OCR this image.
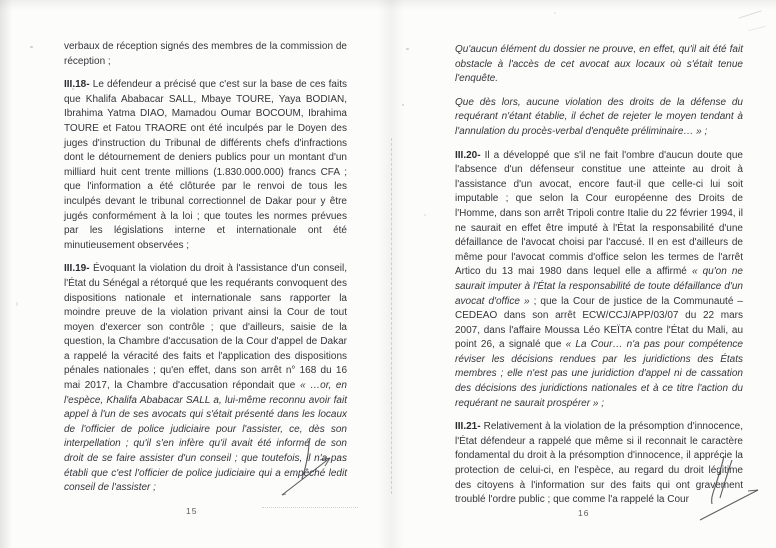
verbaux de réception signés des membres de la commission de réception ;

III.18- Le défendeur a précisé que c'est sur la base de ces faits que Khalifa Ababacar SALL, Mbaye TOURE, Yaya BODIAN, Ibrahima Yatma DIAO, Mamadou Oumar BOCOUM, Ibrahima TOURE et Fatou TRAORE ont été inculpés par le Doyen des juges d'instruction du Tribunal de différents chefs d'infractions dont le détournement de deniers publics pour un montant d'un milliard huit cent trente millions (1.830.000.000) francs CFA ; que l'information a été clôturée par le renvoi de tous les inculpés devant le tribunal correctionnel de Dakar pour y être jugés conformément à la loi ; que toutes les normes prévues par les législations interne et internationale ont été minutieusement observées ;

III.19- Évoquant la violation du droit à l'assistance d'un conseil, l'État du Sénégal a rétorqué que les requérants convoquent des dispositions nationale et internationale sans rapporter la moindre preuve de la violation privant ainsi la Cour de tout moyen d'exercer son contrôle ; que d'ailleurs, saisie de la question, la Chambre d'accusation de la Cour d'appel de Dakar a rappelé la véracité des faits et l'application des dispositions pénales nationales ; qu'en effet, dans son arrêt n° 168 du 16 mai 2017, la Chambre d'accusation répondait que « …or, en l'espèce, Khalifa Ababacar SALL a, lui-même reconnu avoir fait appel à l'un de ses avocats qui s'était présenté dans les locaux de l'officier de police judiciaire pour l'assister, ce, dès son interpellation ; qu'il s'en infère qu'il avait été informé de son droit de se faire assister d'un conseil ; que toutefois, il n'a pas établi que c'est l'officier de police judiciaire qui a empêché ledit conseil de l'assister ;

15

Qu'aucun élément du dossier ne prouve, en effet, qu'il ait été fait obstacle à l'accès de cet avocat aux locaux où s'était tenue l'enquête.

Que dès lors, aucune violation des droits de la défense du requérant n'étant établie, il échet de rejeter le moyen tendant à l'annulation du procès-verbal d'enquête préliminaire… » ;

III.20- Il a développé que s'il ne fait l'ombre d'aucun doute que l'absence d'un défenseur constitue une atteinte au droit à l'assistance d'un avocat, encore faut-il que celle-ci lui soit imputable ; que selon la Cour européenne des Droits de l'Homme, dans son arrêt Tripoli contre Italie du 22 février 1994, il ne saurait en effet être imputé à l'État la responsabilité d'une défaillance de l'avocat choisi par l'accusé. Il en est d'ailleurs de même pour l'avocat commis d'office selon les termes de l'arrêt Artico du 13 mai 1980 dans lequel elle a affirmé « qu'on ne saurait imputer à l'État la responsabilité de toute défaillance d'un avocat d'office » ; que la Cour de justice de la Communauté – CEDEAO dans son arrêt ECW/CCJ/APP/03/07 du 22 mars 2007, dans l'affaire Moussa Léo KEÏTA contre l'État du Mali, au point 26, a signalé que « La Cour… n'a pas pour compétence réviser les décisions rendues par les juridictions des États membres ; elle n'est pas une juridiction d'appel ni de cassation des décisions des juridictions nationales et à ce titre l'action du requérant ne saurait prospérer » ;

III.21- Relativement à la violation de la présomption d'innocence, l'État défendeur a rappelé que même si il reconnait le caractère fondamental du droit à la présomption d'innocence, il apprécie la protection de celui-ci, en l'espèce, au regard du droit légitime des citoyens à l'information sur des faits qui ont gravement troublé l'ordre public ; que comme l'a rappelé la Cour

16
